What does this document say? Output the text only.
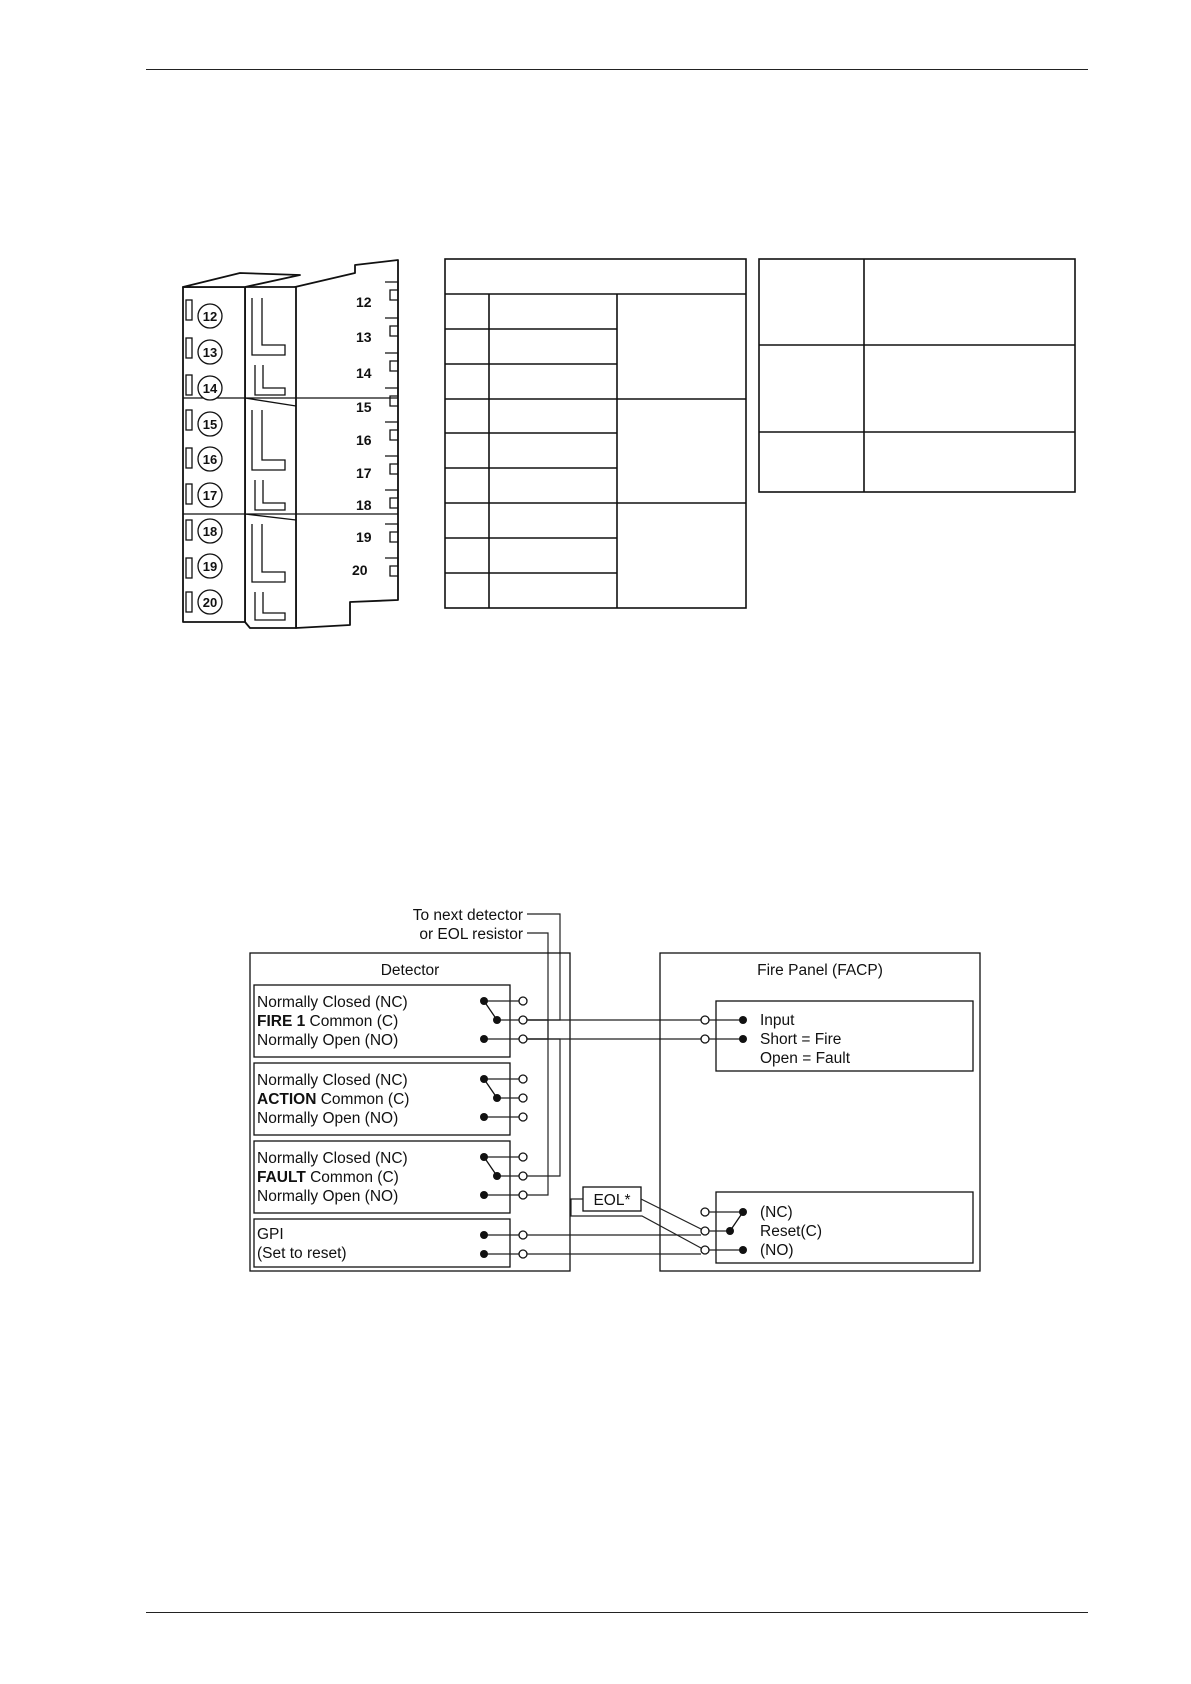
12
13
14
15
16
17
18
19
20
12
13
14
15
16
17
18
19
20
To next detector
or EOL resistor
Detector
Normally Closed (NC)
FIRE 1 Common (C)
Normally Open (NO)
Normally Closed (NC)
ACTION Common (C)
Normally Open (NO)
Normally Closed (NC)
FAULT Common (C)
Normally Open (NO)
GPI
(Set to reset)
Fire Panel (FACP)
Input
Short = Fire
Open = Fault
EOL*
(NC)
Reset(C)
(NO)
